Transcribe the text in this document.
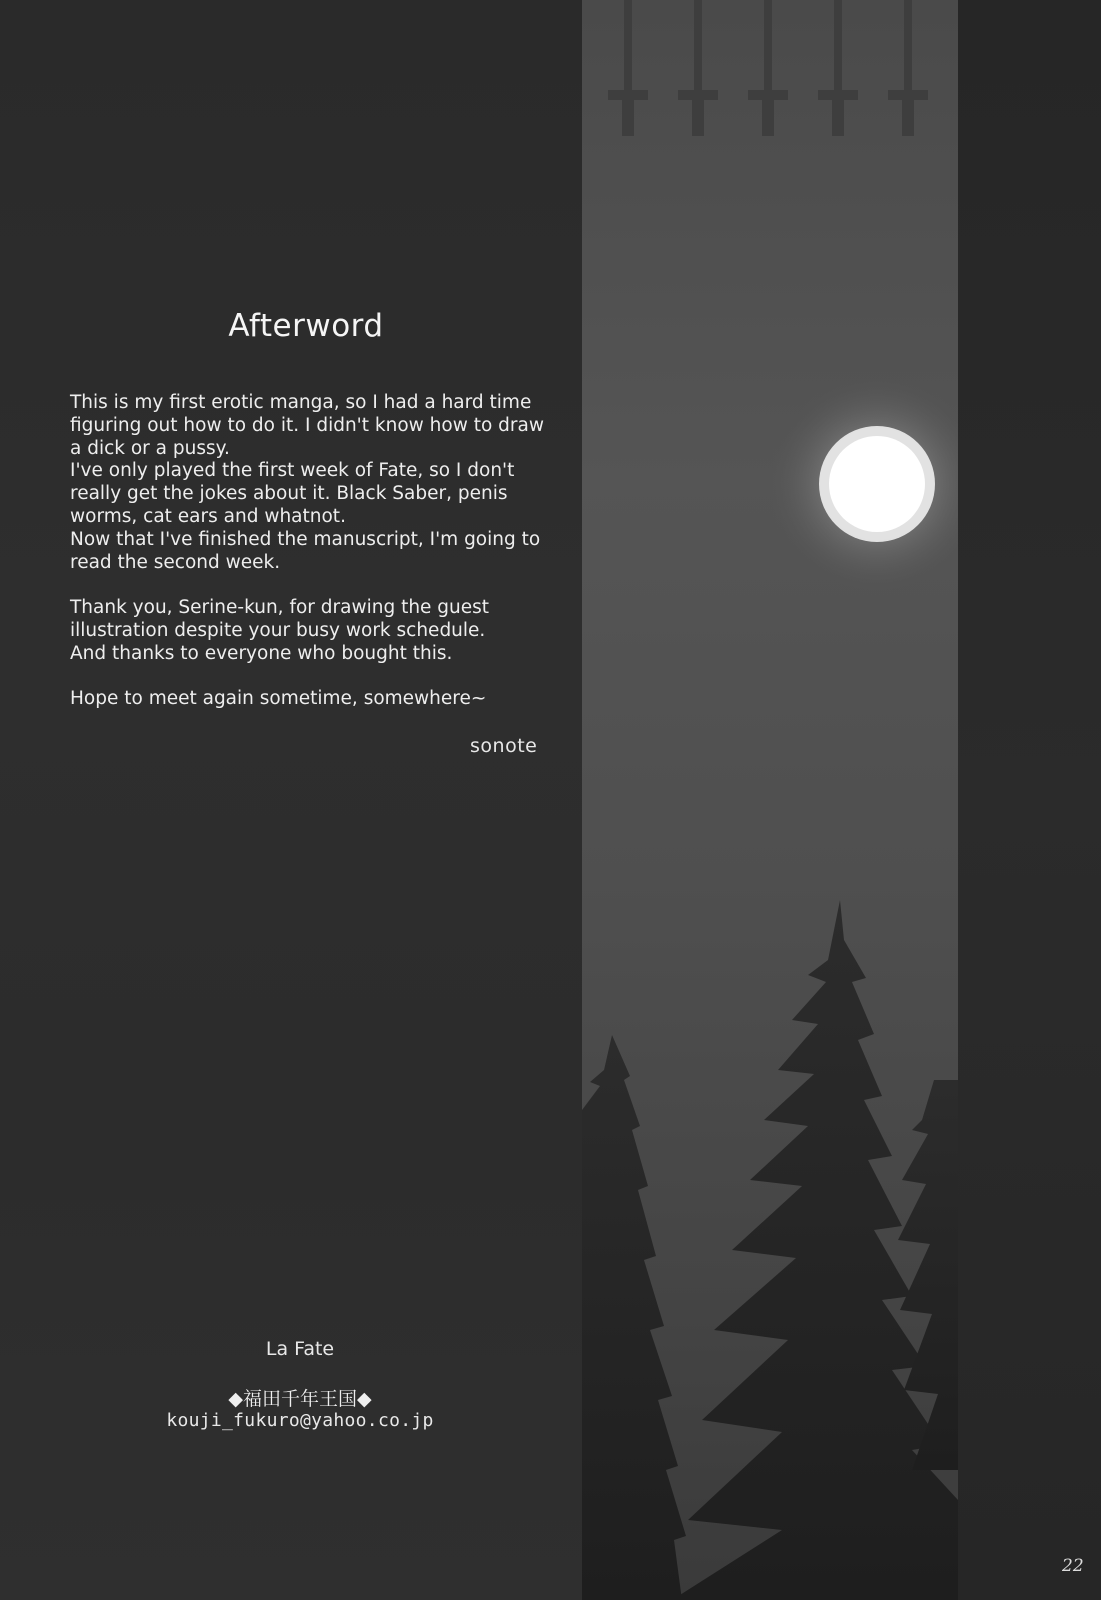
Afterword

This is my first erotic manga, so I had a hard time
figuring out how to do it. I didn't know how to draw
a dick or a pussy.
I've only played the first week of Fate, so I don't
really get the jokes about it. Black Saber, penis
worms, cat ears and whatnot.
Now that I've finished the manuscript, I'm going to
read the second week.

Thank you, Serine-kun, for drawing the guest
illustration despite your busy work schedule.
And thanks to everyone who bought this.

Hope to meet again sometime, somewhere~

sonote
La Fate
◆福田千年王国◆
kouji_fukuro@yahoo.co.jp
22
